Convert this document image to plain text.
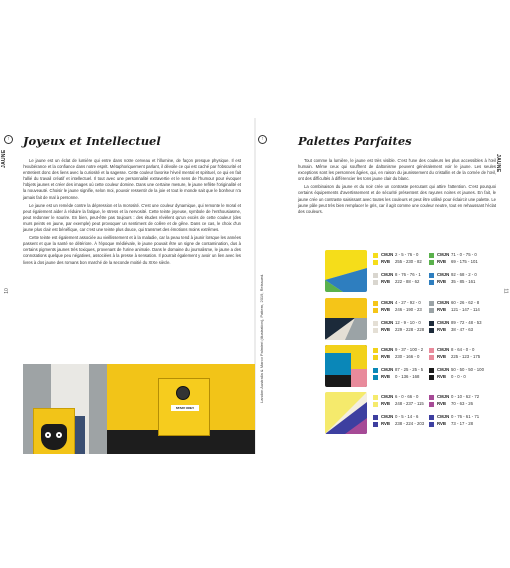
↑
JAUNE
10
Joyeux et Intellectuel

Le jaune est un éclat de lumière qui entre dans notre cerveau et l'illumine, de façon presque physique. Il est l'exubérance et la confiance dans notre esprit. Métaphoriquement parlant, il dévoile ce qui est caché par l'obscurité et entretient donc des liens avec la curiosité et la sagesse. Cette couleur favorise l'éveil mental et spirituel, ce qui en fait l'allié du travail créatif et intellectuel. Il tout avec une personnalité extravertie et le sens de l'humour pour évoquer l'objets jaunes et créer des images où cette couleur domine. Dans une certaine mesure, le jaune reflète l'originalité et la nouveauté. Choisir le jaune signifie, selon moi, pouvoir ressentir de la joie et tout le monde sait que le bonheur n'a jamais fait de mal à personne.

Le jaune est un remède contre la dépression et la morosité. C'est une couleur dynamique, qui remonte le moral et peut également aider à réduire la fatigue, le stress et la nervosité. Cette teinte joyeuse, symbole de l'enthousiasme, peut redonner le sourire. En bien, peut-être pas toujours : des études révèlent qu'un excès de cette couleur (des murs peints en jaune, par exemple) peut provoquer un sentiment de colère et de gêne. Dans ce cas, le choix d'un jaune plus clair est bénéfique, car c'est une teinte plus douce, qui transmet des émotions moins extrêmes.

Cette teinte est également associée au vieillissement et à la maladie, car la peau tend à jaunir lorsque les années passent et que la santé se détériore. À l'époque médiévale, le jaune pouvait être un signe de contamination, dus à certains pigments jaunes très toxiques, provenant de l'urine animale. Dans le domaine du journalisme, le jaune a des connotations quelque peu négatives, associées à la presse à sensation. Il pourrait également y avoir un lien avec les livres à dos jaune des romans bon marché de la seconde moitié du XIXe siècle.

STAFF ONLY
↑
JAUNE
11
Palettes Parfaites

Tout comme la lumière, le jaune est très visible. C'est l'une des couleurs les plus accessibles à l'œil humain. Même ceux qui souffrent de daltonisme peuvent généralement voir le jaune. Les seules exceptions sont les personnes âgées, qui, en raison du jaunissement du cristallin et de la cornée de l'œil, ont des difficultés à différencier les tons jaune clair du blanc.

La combinaison du jaune et du noir crée un contraste percutant qui attire l'attention. C'est pourquoi certains équipements d'avertissement et de sécurité présentent des rayures noires et jaunes. En fait, le jaune crée un contraste saisissant avec toutes les couleurs et peut être utilisé pour éclaircir une palette. Le jaune pâle peut très bien remplacer le gris, car il agit comme une couleur neutre, tout en rehaussant l'éclat des couleurs.

CMJN 2 - 5 - 76 - 0
RVB 255 - 230 - 82
CMJN 8 - 76 - 76 - 1
RVB 222 - 88 - 62
CMJN 71 - 0 - 75 - 0
RVB 69 - 175 - 101
CMJN 92 - 68 - 2 - 0
RVB 35 - 85 - 161
CMJN 4 - 27 - 92 - 0
RVB 246 - 190 - 23
CMJN 12 - 9 - 10 - 0
RVB 229 - 228 - 228
CMJN 60 - 26 - 62 - 8
RVB 121 - 147 - 114
CMJN 89 - 72 - 48 - 53
RVB 38 - 47 - 63
CMJN 9 - 37 - 100 - 2
RVB 230 - 166 - 0
CMJN 87 - 25 - 25 - 5
RVB 0 - 136 - 168
CMJN 8 - 64 - 0 - 0
RVB 225 - 123 - 175
CMJN 50 - 50 - 50 - 100
RVB 0 - 0 - 0
CMJN 6 - 0 - 66 - 0
RVB 248 - 237 - 115
CMJN 0 - 5 - 14 - 6
RVB 238 - 224 - 203
CMJN 0 - 10 - 62 - 72
RVB 70 - 63 - 26
CMJN 0 - 76 - 61 - 71
RVB 73 - 17 - 28
Landon Australia & Marco Palmieri (illustration), Pattern, 2019, Reissued.
